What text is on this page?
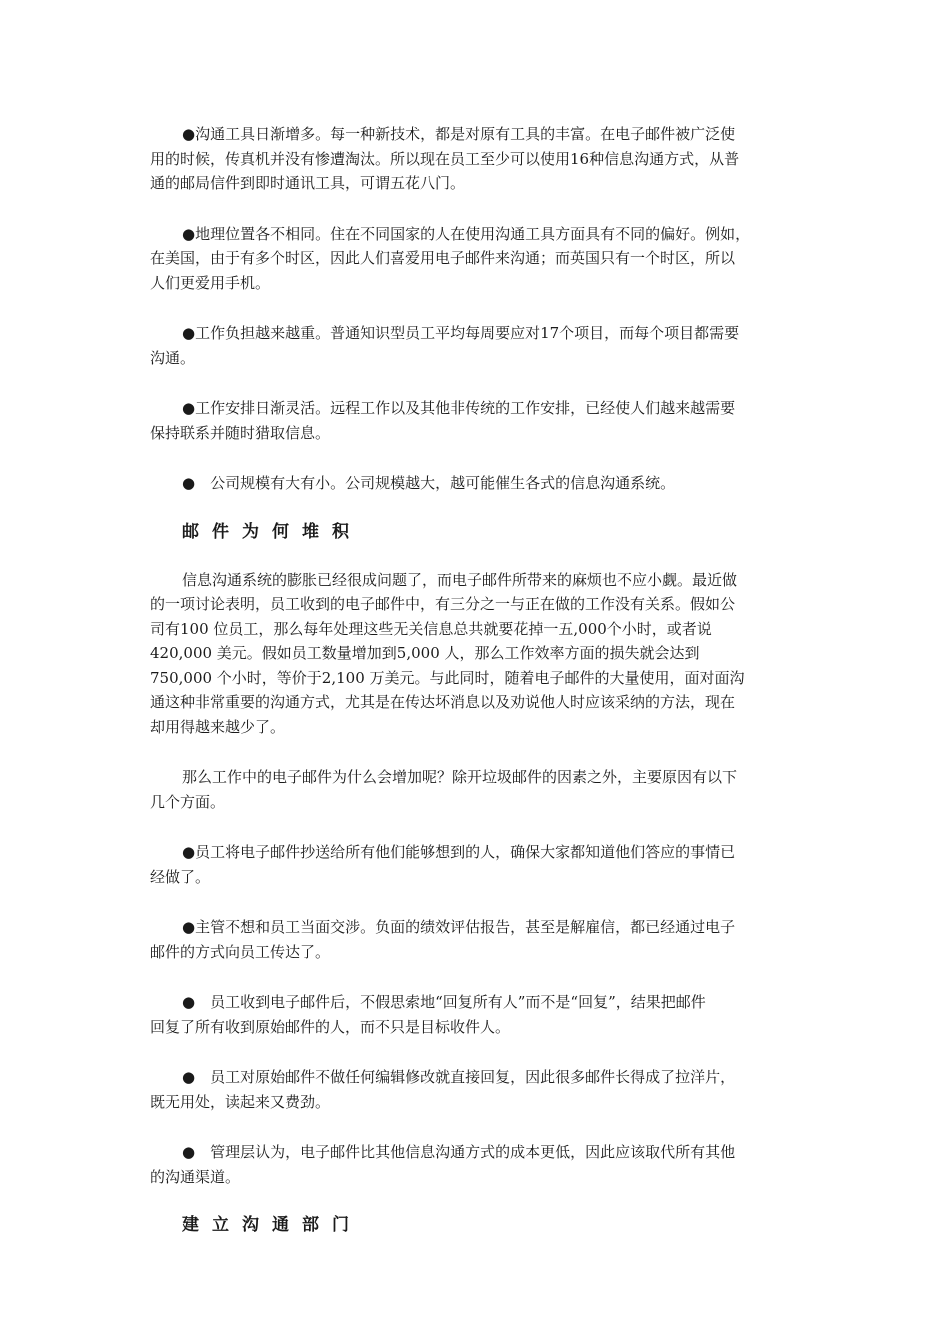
●沟通工具日渐增多。每一种新技术，都是对原有工具的丰富。在电子邮件被广泛使
用的时候，传真机并没有惨遭淘汰。所以现在员工至少可以使用16种信息沟通方式，从普
通的邮局信件到即时通讯工具，可谓五花八门。
●地理位置各不相同。住在不同国家的人在使用沟通工具方面具有不同的偏好。例如，
在美国，由于有多个时区，因此人们喜爱用电子邮件来沟通；而英国只有一个时区，所以
人们更爱用手机。
●工作负担越来越重。普通知识型员工平均每周要应对17个项目，而每个项目都需要
沟通。
●工作安排日渐灵活。远程工作以及其他非传统的工作安排，已经使人们越来越需要
保持联系并随时猎取信息。
●　公司规模有大有小。公司规模越大，越可能催生各式的信息沟通系统。
邮件为何堆积
信息沟通系统的膨胀已经很成问题了，而电子邮件所带来的麻烦也不应小觑。最近做
的一项讨论表明，员工收到的电子邮件中，有三分之一与正在做的工作没有关系。假如公
司有100 位员工，那么每年处理这些无关信息总共就要花掉一五,000个小时，或者说
420,000 美元。假如员工数量增加到5,000 人，那么工作效率方面的损失就会达到
750,000 个小时，等价于2,100 万美元。与此同时，随着电子邮件的大量使用，面对面沟
通这种非常重要的沟通方式，尤其是在传达坏消息以及劝说他人时应该采纳的方法，现在
却用得越来越少了。
那么工作中的电子邮件为什么会增加呢？除开垃圾邮件的因素之外，主要原因有以下
几个方面。
●员工将电子邮件抄送给所有他们能够想到的人，确保大家都知道他们答应的事情已
经做了。
●主管不想和员工当面交涉。负面的绩效评估报告，甚至是解雇信，都已经通过电子
邮件的方式向员工传达了。
●　员工收到电子邮件后，不假思索地“回复所有人”而不是“回复”，结果把邮件
回复了所有收到原始邮件的人，而不只是目标收件人。
●　员工对原始邮件不做任何编辑修改就直接回复，因此很多邮件长得成了拉洋片，
既无用处，读起来又费劲。
●　管理层认为，电子邮件比其他信息沟通方式的成本更低，因此应该取代所有其他
的沟通渠道。
建立沟通部门
